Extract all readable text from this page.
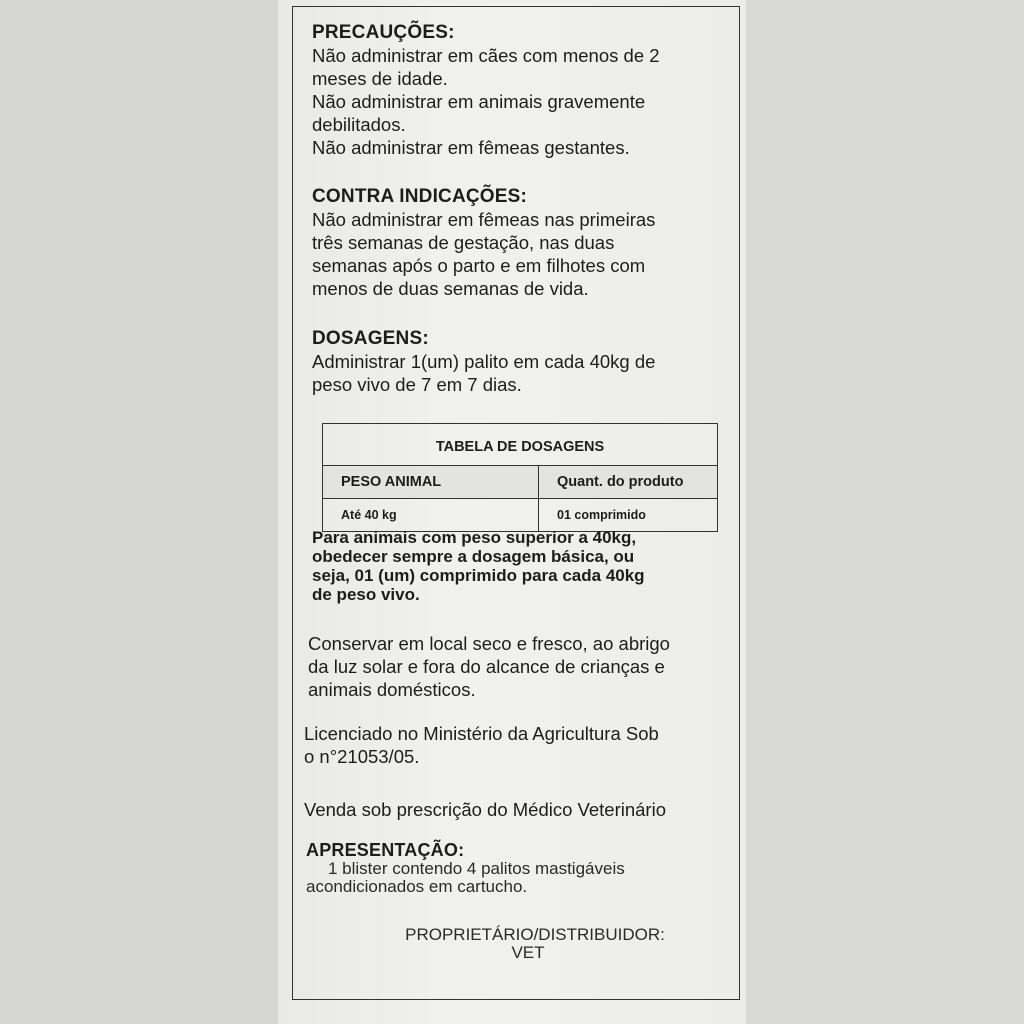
PRECAUÇÕES:
Não administrar em cães com menos de 2
meses de idade.
Não administrar em animais gravemente
debilitados.
Não administrar em fêmeas gestantes.
CONTRA INDICAÇÕES:
Não administrar em fêmeas nas primeiras
três semanas de gestação, nas duas
semanas após o parto e em filhotes com
menos de duas semanas de vida.
DOSAGENS:
Administrar 1(um) palito em cada 40kg de
peso vivo de 7 em 7 dias.
TABELA DE DOSAGENS	
PESO ANIMAL	Quant. do produto
Até 40 kg	01 comprimido
Para animais com peso superior a 40kg,
obedecer sempre a dosagem básica, ou
seja, 01 (um) comprimido para cada 40kg
de peso vivo.
Conservar em local seco e fresco, ao abrigo
da luz solar e fora do alcance de crianças e
animais domésticos.
Licenciado no Ministério da Agricultura Sob
o n°21053/05.
Venda sob prescrição do Médico Veterinário
APRESENTAÇÃO:
1 blister contendo 4 palitos mastigáveis
acondicionados em cartucho.
PROPRIETÁRIO/DISTRIBUIDOR:
VET
